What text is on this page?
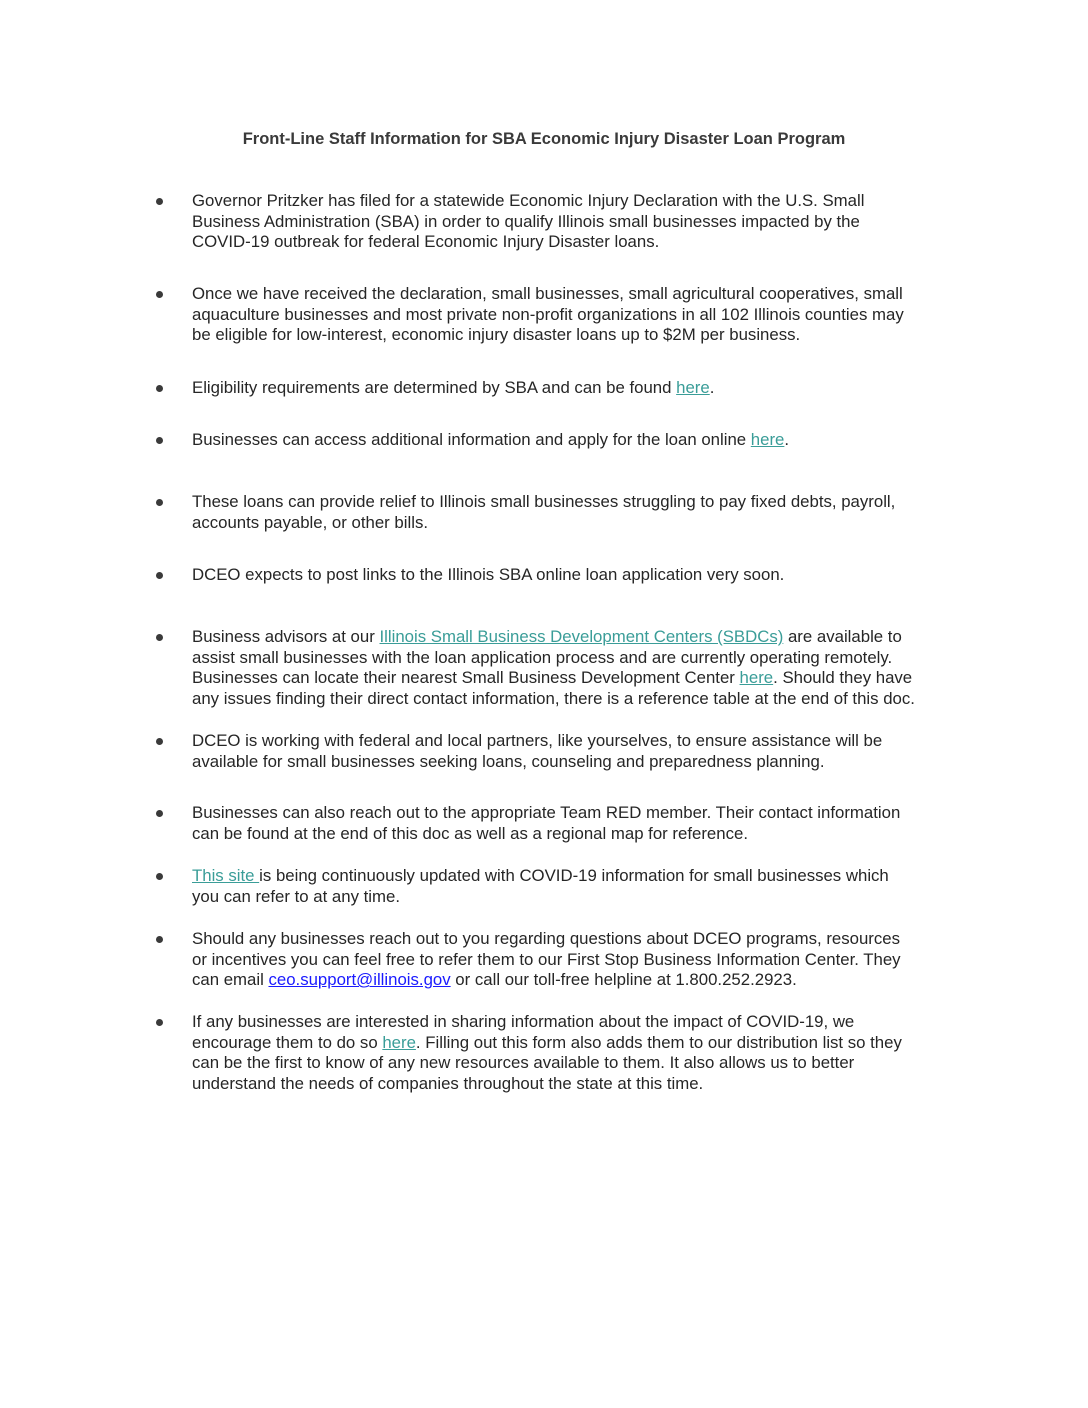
Front-Line Staff Information for SBA Economic Injury Disaster Loan Program
Governor Pritzker has filed for a statewide Economic Injury Declaration with the U.S. Small
Business Administration (SBA) in order to qualify Illinois small businesses impacted by the
COVID-19 outbreak for federal Economic Injury Disaster loans.
Once we have received the declaration, small businesses, small agricultural cooperatives, small
aquaculture businesses and most private non-profit organizations in all 102 Illinois counties may
be eligible for low-interest, economic injury disaster loans up to $2M per business.
Eligibility requirements are determined by SBA and can be found here.
Businesses can access additional information and apply for the loan online here.
These loans can provide relief to Illinois small businesses struggling to pay fixed debts, payroll,
accounts payable, or other bills.
DCEO expects to post links to the Illinois SBA online loan application very soon.
Business advisors at our Illinois Small Business Development Centers (SBDCs) are available to
assist small businesses with the loan application process and are currently operating remotely.
Businesses can locate their nearest Small Business Development Center here. Should they have
any issues finding their direct contact information, there is a reference table at the end of this doc.
DCEO is working with federal and local partners, like yourselves, to ensure assistance will be
available for small businesses seeking loans, counseling and preparedness planning.
Businesses can also reach out to the appropriate Team RED member. Their contact information
can be found at the end of this doc as well as a regional map for reference.
This site is being continuously updated with COVID-19 information for small businesses which
you can refer to at any time.
Should any businesses reach out to you regarding questions about DCEO programs, resources
or incentives you can feel free to refer them to our First Stop Business Information Center. They
can email ceo.support@illinois.gov or call our toll-free helpline at 1.800.252.2923.
If any businesses are interested in sharing information about the impact of COVID-19, we
encourage them to do so here. Filling out this form also adds them to our distribution list so they
can be the first to know of any new resources available to them. It also allows us to better
understand the needs of companies throughout the state at this time.
